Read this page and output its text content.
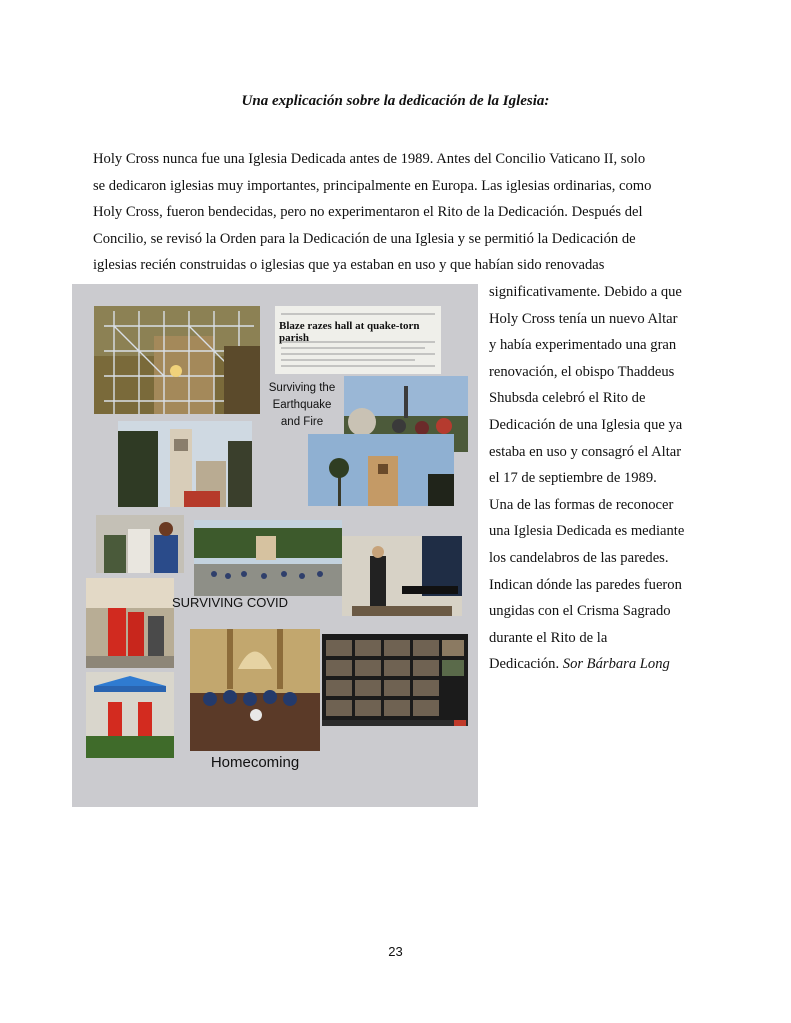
Una explicación sobre la dedicación de la Iglesia:
Holy Cross nunca fue una Iglesia Dedicada antes de 1989. Antes del Concilio Vaticano II, solo
se dedicaron iglesias muy importantes, principalmente en Europa. Las iglesias ordinarias, como
Holy Cross, fueron bendecidas, pero no experimentaron el Rito de la Dedicación. Después del
Concilio, se revisó la Orden para la Dedicación de una Iglesia y se permitió la Dedicación de
iglesias recién construidas o iglesias que ya estaban en uso y que habían sido renovadas
significativamente. Debido a que
Holy Cross tenía un nuevo Altar
y había experimentado una gran
renovación, el obispo Thaddeus
Shubsda celebró el Rito de
Dedicación de una Iglesia que ya
estaba en uso y consagró el Altar
el 17 de septiembre de 1989.
Una de las formas de reconocer
una Iglesia Dedicada es mediante
los candelabros de las paredes.
Indican dónde las paredes fueron
ungidas con el Crisma Sagrado
durante el Rito de la
Dedicación. Sor Bárbara Long
Blaze razes hall at quake-torn parish
Surviving the
Earthquake
and Fire
SURVIVING COVID
Homecoming
23
